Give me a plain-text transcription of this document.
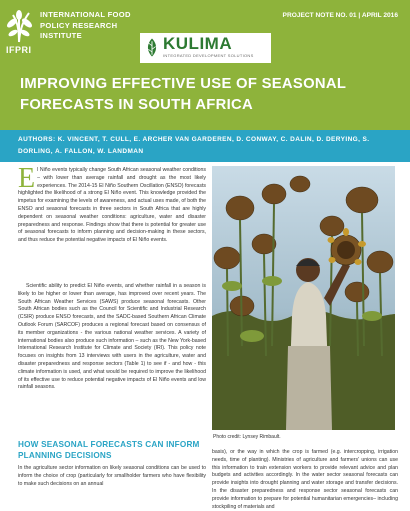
IFPRI
INTERNATIONAL FOOD POLICY RESEARCH INSTITUTE
PROJECT NOTE NO. 01 | APRIL 2016
KULIMA
INTEGRATED DEVELOPMENT SOLUTIONS
IMPROVING EFFECTIVE USE OF SEASONAL FORECASTS IN SOUTH AFRICA
AUTHORS: K. VINCENT, T. CULL, E. ARCHER VAN GARDEREN, D. CONWAY, C. DALIN, D. DERYING, S. DORLING, A. FALLON, W. LANDMAN
E l Niño events typically change South African seasonal weather conditions – with lower than average rainfall and drought as the most likely experiences. The 2014-15 El Niño Southern Oscillation (ENSO) forecasts highlighted the likelihood of a strong El Niño event. This knowledge provided the impetus for examining the levels of awareness, and actual uses made, of both the ENSO and seasonal forecasts in three sectors in South Africa that are highly dependent on seasonal weather conditions: agriculture, water and disaster preparedness and response. Findings show that there is potential for greater use of seasonal forecasts to inform planning and decision-making in these sectors, and thus reduce the potential negative impacts of El Niño events.
Scientific ability to predict El Niño events, and whether rainfall in a season is likely to be higher or lower than average, has improved over recent years. The South African Weather Services (SAWS) produce seasonal forecasts. Other South African bodies such as the Council for Scientific and Industrial Research (CSIR) produce ENSO forecasts, and the SADC-based Southern African Climate Outlook Forum (SARCOF) produces a regional forecast based on consensus of its member organizations - the various national weather services. A variety of international bodies also produce such information – such as the New York-based International Research Institute for Climate and Society (IRI). This policy note focuses on insights from 13 interviews with users in the agriculture, water and disaster preparedness and response sectors (Table 1) to see if - and how - this climate information is used, and what would be required to improve the likelihood of its effective use to reduce potential negative impacts of El Niño events and low rainfall seasons.
Photo credit: Lynsey Rimbault.
HOW SEASONAL FORECASTS CAN INFORM PLANNING DECISIONS
In the agriculture sector information on likely seasonal conditions can be used to inform the choice of crop (particularly for smallholder farmers who have flexibility to make such decisions on an annual
basis), or the way in which the crop is farmed (e.g. intercropping, irrigation needs, time of planting). Ministries of agriculture and farmers' unions can use this information to train extension workers to provide relevant advice and plan budgets and activities accordingly. In the water sector seasonal forecasts can provide insights into drought planning and water storage and transfer decisions. In the disaster preparedness and response sector seasonal forecasts can provide information to prepare for potential humanitarian emergencies– including stockpiling of materials and
